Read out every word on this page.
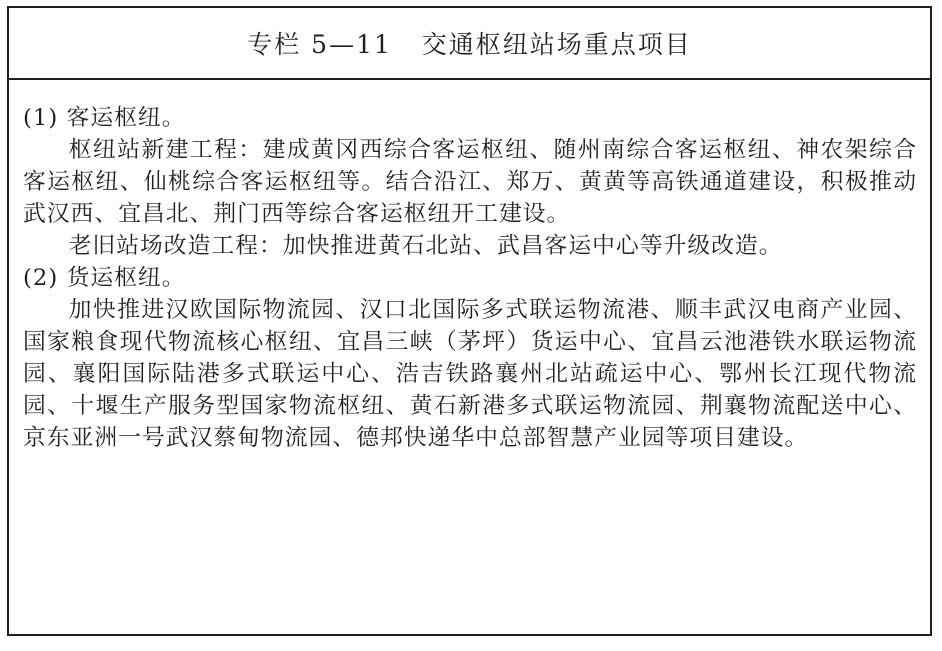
专栏 5—11   交通枢纽站场重点项目

(1) 客运枢纽。

枢纽站新建工程：建成黄冈西综合客运枢纽、随州南综合客运枢纽、神农架综合客运枢纽、仙桃综合客运枢纽等。结合沿江、郑万、黄黄等高铁通道建设，积极推动武汉西、宜昌北、荆门西等综合客运枢纽开工建设。

老旧站场改造工程：加快推进黄石北站、武昌客运中心等升级改造。

(2) 货运枢纽。

加快推进汉欧国际物流园、汉口北国际多式联运物流港、顺丰武汉电商产业园、国家粮食现代物流核心枢纽、宜昌三峡（茅坪）货运中心、宜昌云池港铁水联运物流园、襄阳国际陆港多式联运中心、浩吉铁路襄州北站疏运中心、鄂州长江现代物流园、十堰生产服务型国家物流枢纽、黄石新港多式联运物流园、荆襄物流配送中心、京东亚洲一号武汉蔡甸物流园、德邦快递华中总部智慧产业园等项目建设。
